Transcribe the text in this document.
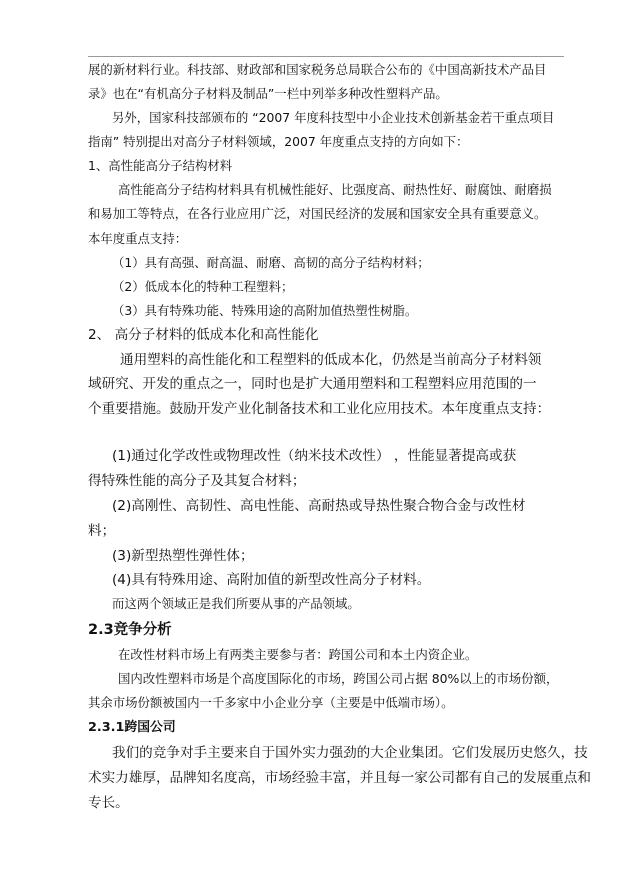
展的新材料行业。科技部、财政部和国家税务总局联合公布的《中国高新技术产品目
录》也在“有机高分子材料及制品”一栏中列举多种改性塑料产品。
另外，国家科技部颁布的 “2007 年度科技型中小企业技术创新基金若干重点项目
指南” 特别提出对高分子材料领域，2007 年度重点支持的方向如下：
1、高性能高分子结构材料
高性能高分子结构材料具有机械性能好、比强度高、耐热性好、耐腐蚀、耐磨损
和易加工等特点，在各行业应用广泛，对国民经济的发展和国家安全具有重要意义。
本年度重点支持：
（1）具有高强、耐高温、耐磨、高韧的高分子结构材料；
（2）低成本化的特种工程塑料；
（3）具有特殊功能、特殊用途的高附加值热塑性树脂。
2、 高分子材料的低成本化和高性能化
通用塑料的高性能化和工程塑料的低成本化，仍然是当前高分子材料领
域研究、开发的重点之一，同时也是扩大通用塑料和工程塑料应用范围的一
个重要措施。鼓励开发产业化制备技术和工业化应用技术。本年度重点支持：
(1)通过化学改性或物理改性（纳米技术改性） ，性能显著提高或获
得特殊性能的高分子及其复合材料；
(2)高刚性、高韧性、高电性能、高耐热或导热性聚合物合金与改性材
料；
(3)新型热塑性弹性体；
(4)具有特殊用途、高附加值的新型改性高分子材料。
而这两个领域正是我们所要从事的产品领域。
2.3竞争分析
在改性材料市场上有两类主要参与者：跨国公司和本土内资企业。
国内改性塑料市场是个高度国际化的市场，跨国公司占据 80%以上的市场份额，
其余市场份额被国内一千多家中小企业分享（主要是中低端市场）。
2.3.1跨国公司
我们的竞争对手主要来自于国外实力强劲的大企业集团。它们发展历史悠久，技
术实力雄厚，品牌知名度高，市场经验丰富，并且每一家公司都有自己的发展重点和
专长。
